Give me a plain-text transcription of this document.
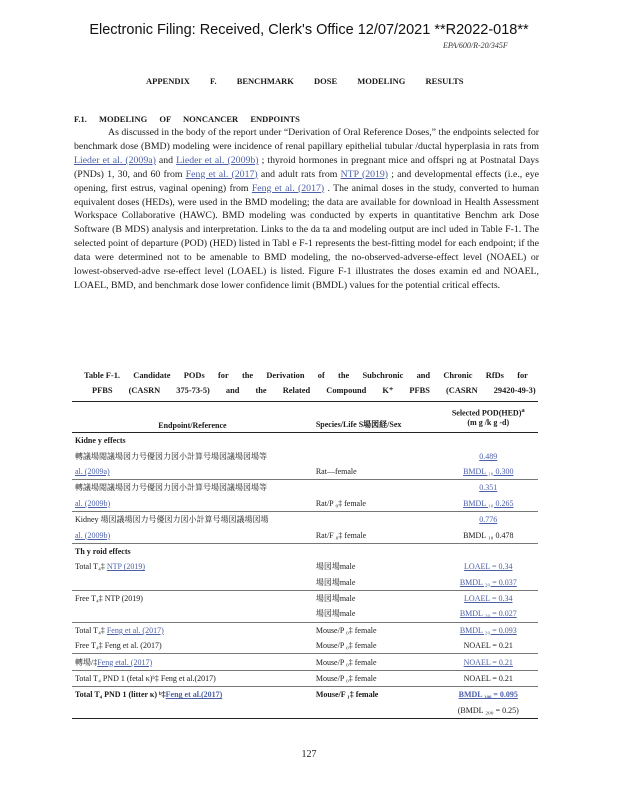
Electronic Filing: Received, Clerk's Office 12/07/2021 **R2022-018**
EPA/600/R-20/345F
APPENDIX F. BENCHMARK DOSE MODELING RESULTS
F.1. MODELING OF NONCANCER ENDPOINTS
As discussed in the body of the report under “Derivation of Oral Reference Doses,” the endpoints selected for benchmark dose (BMD) modeling were incidence of renal papillary epithelial tubular /ductal hyperplasia in rats from Lieder et al. (2009a) and Lieder et al. (2009b) ; thyroid hormones in pregnant mice and offspri ng at Postnatal Days (PNDs) 1, 30, and 60 from Feng et al. (2017) and adult rats from NTP (2019) ; and developmental effects (i.e., eye opening, first estrus, vaginal opening) from Feng et al. (2017) . The animal doses in the study, converted to human equivalent doses (HEDs), were used in the BMD modeling; the data are available for download in Health Assessment Workspace Collaborative (HAWC). BMD modeling was conducted by experts in quantitative Benchm ark Dose Software (B MDS) analysis and interpretation. Links to the da ta and modeling output are incl uded in Table F-1. The selected point of departure (POD) (HED) listed in Tabl e F-1 represents the best-fitting model for each endpoint; if the data were determined not to be amenable to BMD modeling, the no-observed-adverse-effect level (NOAEL) or lowest-observed-adve rse-effect level (LOAEL) is listed. Figure F-1 illustrates the doses examin ed and NOAEL, LOAEL, BMD, and benchmark dose lower confidence limit (BMDL) values for the potential critical effects.
Table F-1. Candidate PODs for the Derivation of the Subchronic and Chronic RfDs for
PFBS (CASRN 375-73-5) and the Related Compound K⁺ PFBS (CASRN 29420-49-3)
Endpoint/Reference	Species/Life S場図経/Sex	Selected POD(HED)$^a$
(m g /k g -d)
Kidne y effects		
轉議場閲議場図力号優図力図小計算号場図議場図場等		0.489
al. (2009a)	Rat—female	BMDL ₁₀ 0.300
轉議場閲議場図力号優図力図小計算号場図議場図場等		0.351
al. (2009b)	Rat/P ₀‡ female	BMDL ₁₀ 0.265
Kidney 場図議場図力号優図力図小計算号場図議場図場		0.776
al. (2009b)	Rat/F ₀‡ female	BMDL ₁₀ 0.478
Th y roid effects		
Total T₄‡ NTP (2019)	場図場male	LOAEL = 0.34
	場図場male	BMDL ₂₀ = 0.037
Free T₄‡ NTP (2019)	場図場male	LOAEL = 0.34
	場図場male	BMDL ₂₀ = 0.027
Total T₄‡ Feng et al. (2017)	Mouse/P ₀‡ female	BMDL ₂₀ = 0.093
Free T₄‡ Feng et al. (2017)	Mouse/P ₀‡ female	NOAEL = 0.21
轉場/‡Feng etal. (2017)	Mouse/P ₀‡ female	NOAEL = 0.21
Total T₄ PND 1 (fetal κ)ᵇ‡ Feng et al.(2017)	Mouse/P ₀‡ female	NOAEL = 0.21
Total T₄ PND 1 (litter κ) ᵇ‡Feng et al.(2017)	Mouse/F ₁‡ female	BMDL ₁₀₀ = 0.095
		(BMDL ₂₀₀ = 0.25)
127
